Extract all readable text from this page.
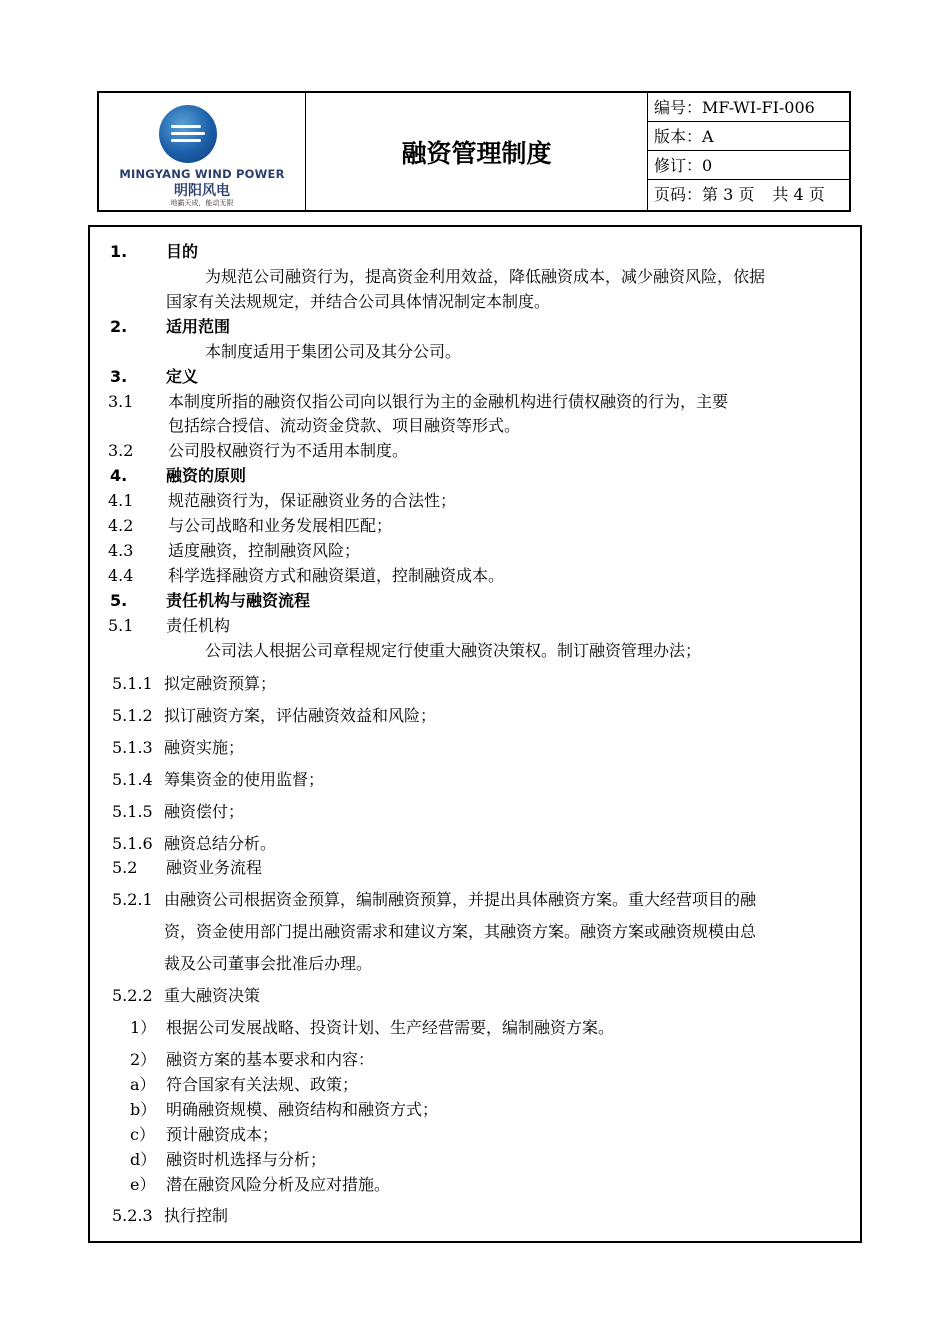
MINGYANG WIND POWER
明阳风电
地霸天成，能动无限
融资管理制度
编号：MF-WI-FI-006
版本：A
修订：0
页码：第 3 页 共 4 页
1. 目的
为规范公司融资行为，提高资金利用效益，降低融资成本，减少融资风险，依据
国家有关法规规定，并结合公司具体情况制定本制度。
2. 适用范围
本制度适用于集团公司及其分公司。
3. 定义
3.1 本制度所指的融资仅指公司向以银行为主的金融机构进行债权融资的行为，主要
包括综合授信、流动资金贷款、项目融资等形式。
3.2 公司股权融资行为不适用本制度。
4. 融资的原则
4.1 规范融资行为，保证融资业务的合法性；
4.2 与公司战略和业务发展相匹配；
4.3 适度融资，控制融资风险；
4.4 科学选择融资方式和融资渠道，控制融资成本。
5. 责任机构与融资流程
5.1 责任机构
公司法人根据公司章程规定行使重大融资决策权。制订融资管理办法；
5.1.1 拟定融资预算；
5.1.2 拟订融资方案，评估融资效益和风险；
5.1.3 融资实施；
5.1.4 筹集资金的使用监督；
5.1.5 融资偿付；
5.1.6 融资总结分析。
5.2 融资业务流程
5.2.1 由融资公司根据资金预算，编制融资预算，并提出具体融资方案。重大经营项目的融
资，资金使用部门提出融资需求和建议方案，其融资方案。融资方案或融资规模由总
裁及公司董事会批准后办理。
5.2.2 重大融资决策
1） 根据公司发展战略、投资计划、生产经营需要，编制融资方案。
2） 融资方案的基本要求和内容：
a） 符合国家有关法规、政策；
b） 明确融资规模、融资结构和融资方式；
c） 预计融资成本；
d） 融资时机选择与分析；
e） 潜在融资风险分析及应对措施。
5.2.3 执行控制
